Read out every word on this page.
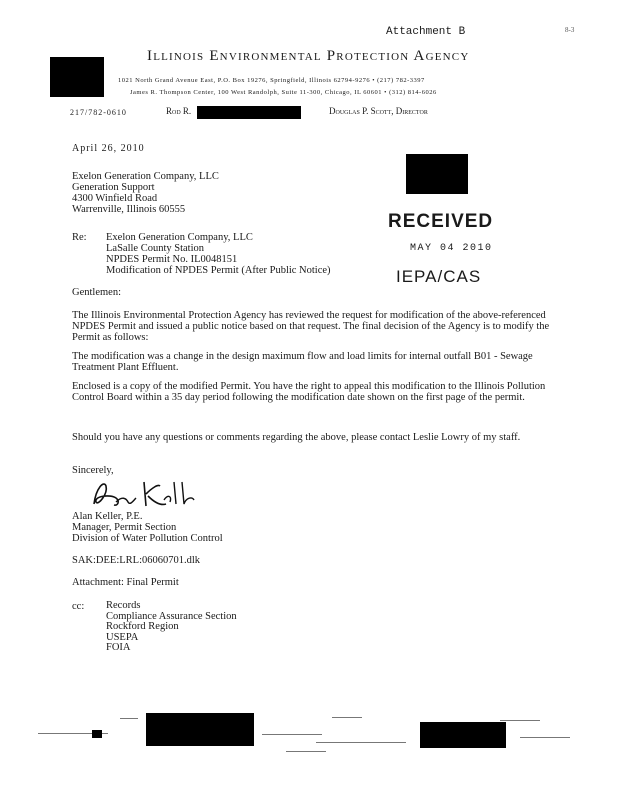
Attachment B	8-3
Illinois Environmental Protection Agency
1021 North Grand Avenue East, P.O. Box 19276, Springfield, Illinois 62794-9276 • (217) 782-3397
James R. Thompson Center, 100 West Randolph, Suite 11-300, Chicago, IL 60601 • (312) 814-6026
217/782-0610	Rod R.	Douglas P. Scott, Director
April 26, 2010
Exelon Generation Company, LLC
Generation Support
4300 Winfield Road
Warrenville, Illinois 60555
RECEIVED
MAY 04 2010
IEPA/CAS
Re: Exelon Generation Company, LLC
LaSalle County Station
NPDES Permit No. IL0048151
Modification of NPDES Permit (After Public Notice)
Gentlemen:
The Illinois Environmental Protection Agency has reviewed the request for modification of the above-referenced NPDES Permit and issued a public notice based on that request. The final decision of the Agency is to modify the Permit as follows:
The modification was a change in the design maximum flow and load limits for internal outfall B01 - Sewage Treatment Plant Effluent.
Enclosed is a copy of the modified Permit. You have the right to appeal this modification to the Illinois Pollution Control Board within a 35 day period following the modification date shown on the first page of the permit.
Should you have any questions or comments regarding the above, please contact Leslie Lowry of my staff.
Sincerely,
Alan Keller, P.E.
Manager, Permit Section
Division of Water Pollution Control
SAK:DEE:LRL:06060701.dlk
Attachment: Final Permit
cc: Records
Compliance Assurance Section
Rockford Region
USEPA
FOIA
